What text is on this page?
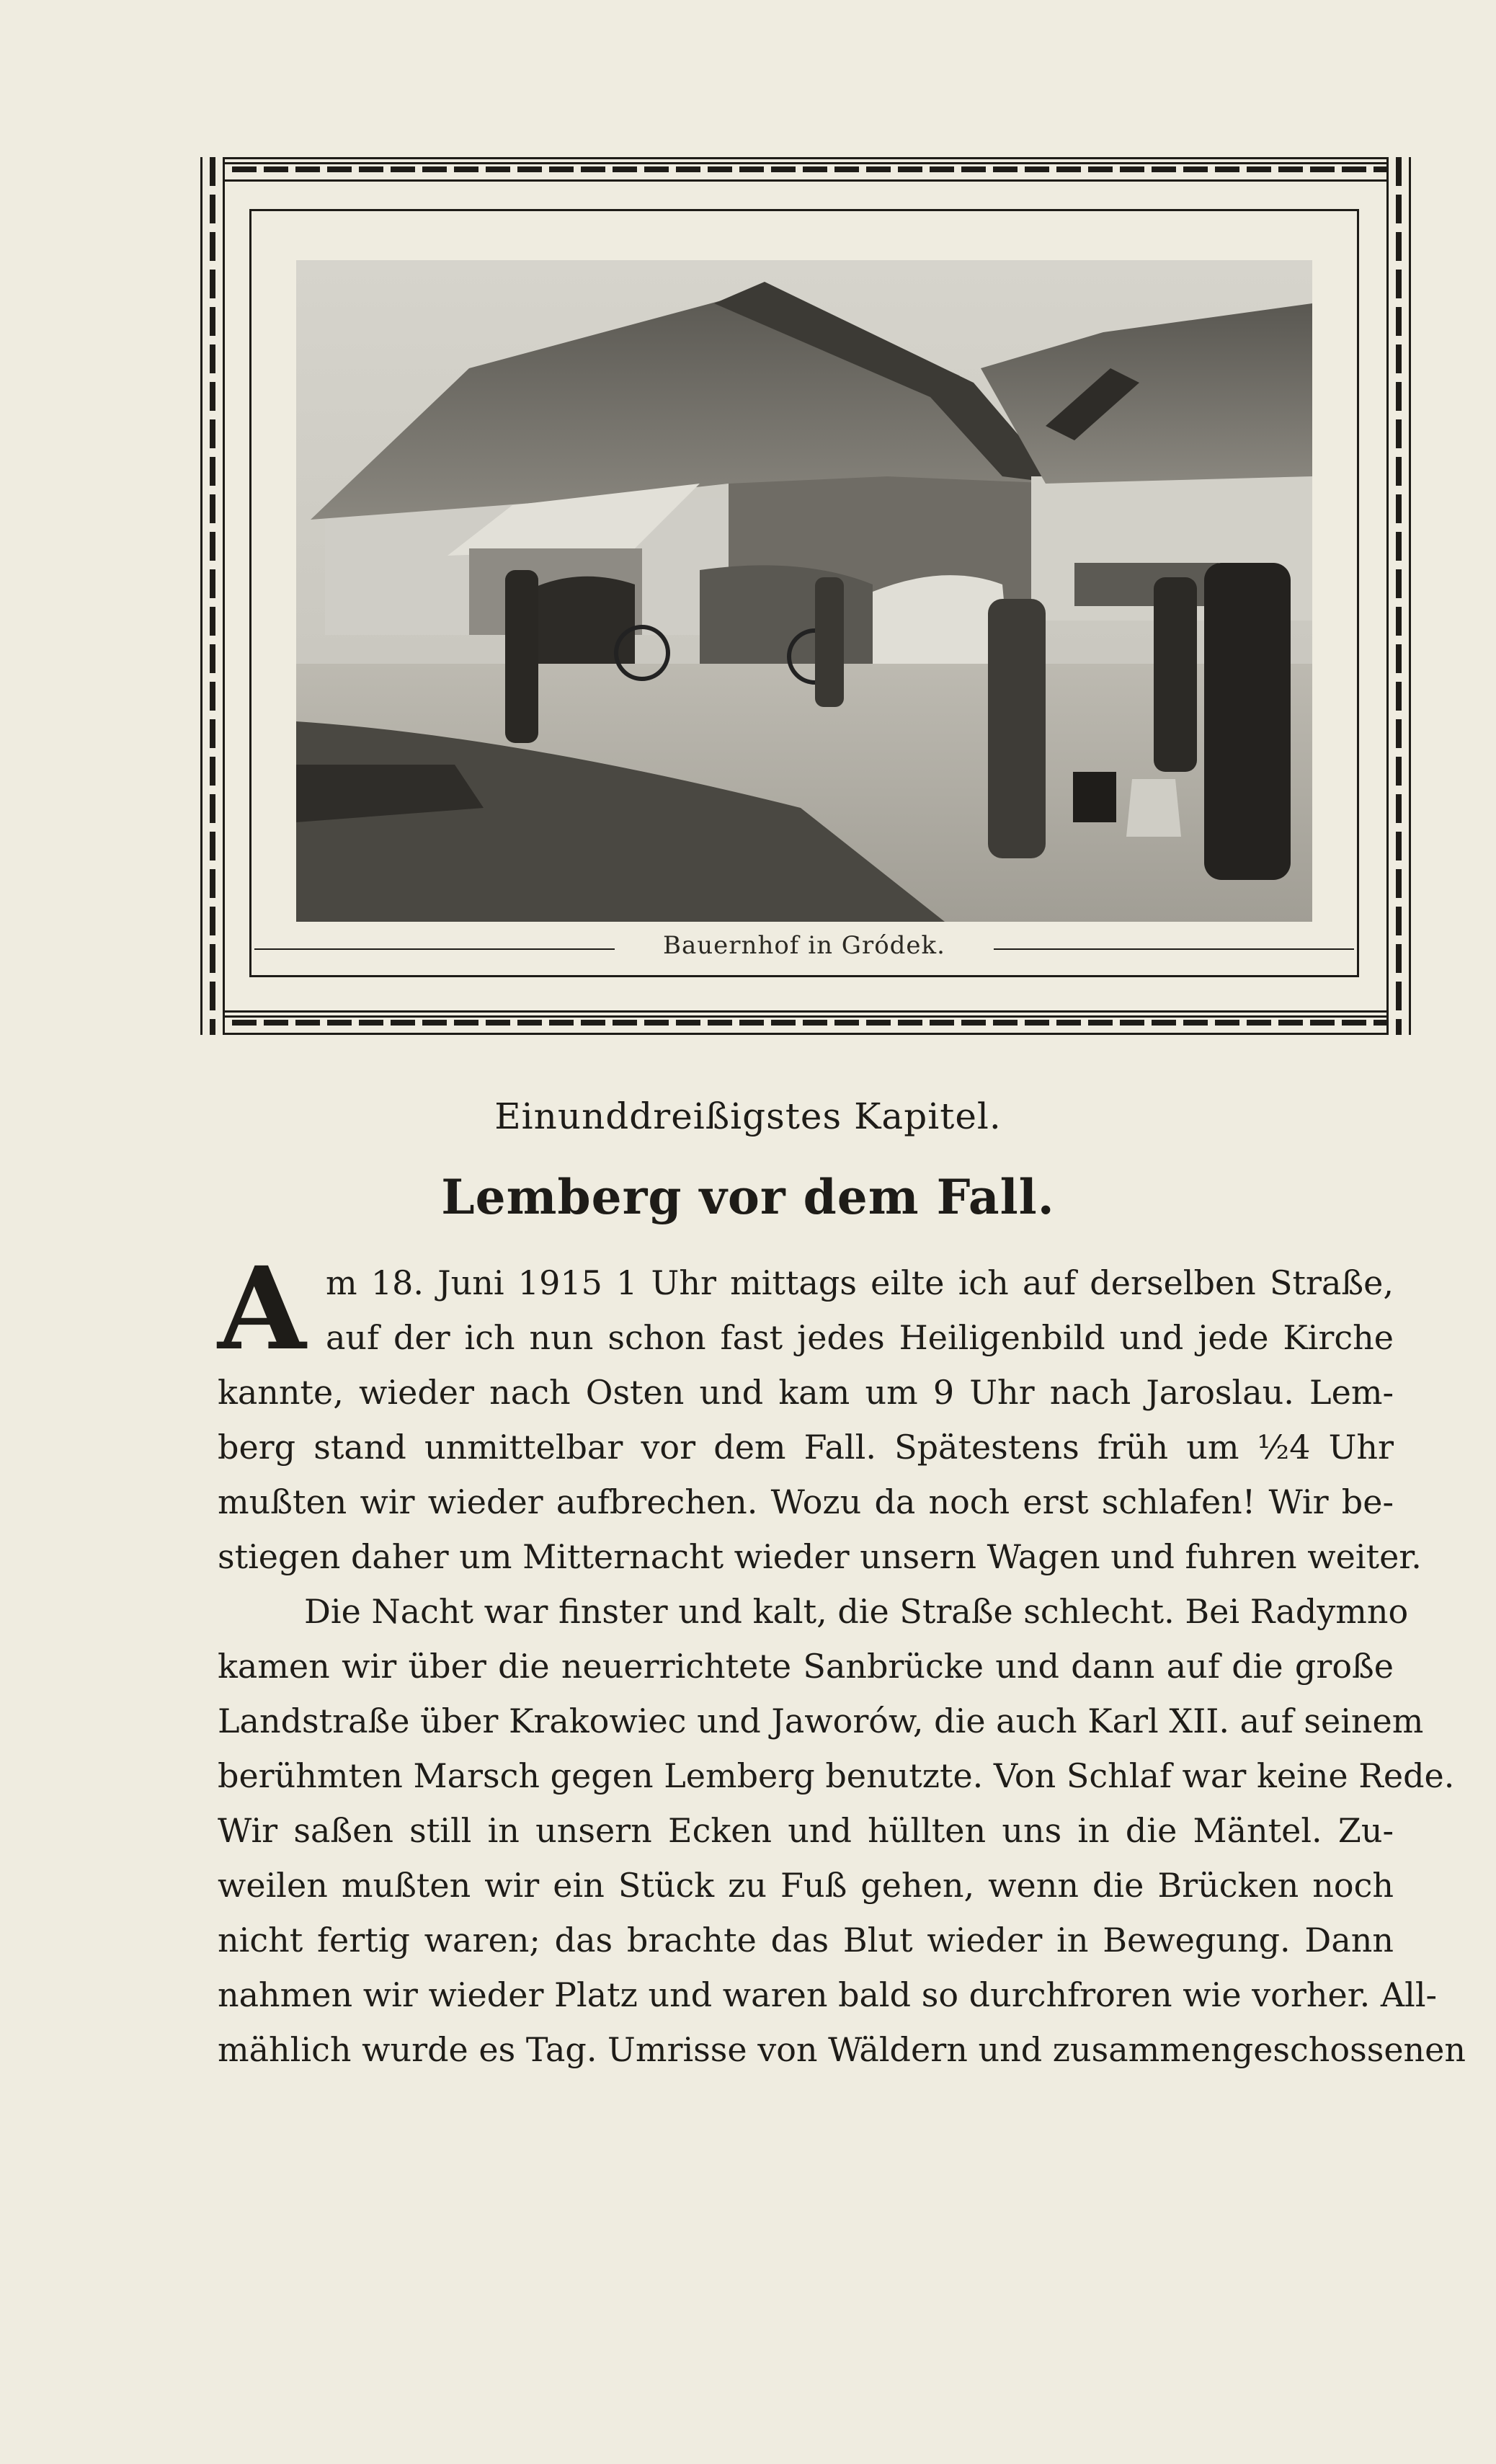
Bauernhof in Gródek.
Einunddreißigstes Kapitel.
Lemberg vor dem Fall.
A m 18. Juni 1915 1 Uhr mittags eilte ich auf derselben Straße,
auf der ich nun schon fast jedes Heiligenbild und jede Kirche
kannte, wieder nach Osten und kam um 9 Uhr nach Jaroslau. Lem-
berg stand unmittelbar vor dem Fall. Spätestens früh um ½4 Uhr
mußten wir wieder aufbrechen. Wozu da noch erst schlafen! Wir be-
stiegen daher um Mitternacht wieder unsern Wagen und fuhren weiter.
Die Nacht war finster und kalt, die Straße schlecht. Bei Radymno
kamen wir über die neuerrichtete Sanbrücke und dann auf die große
Landstraße über Krakowiec und Jaworów, die auch Karl XII. auf seinem
berühmten Marsch gegen Lemberg benutzte. Von Schlaf war keine Rede.
Wir saßen still in unsern Ecken und hüllten uns in die Mäntel. Zu-
weilen mußten wir ein Stück zu Fuß gehen, wenn die Brücken noch
nicht fertig waren; das brachte das Blut wieder in Bewegung. Dann
nahmen wir wieder Platz und waren bald so durchfroren wie vorher. All-
mählich wurde es Tag. Umrisse von Wäldern und zusammengeschossenen
